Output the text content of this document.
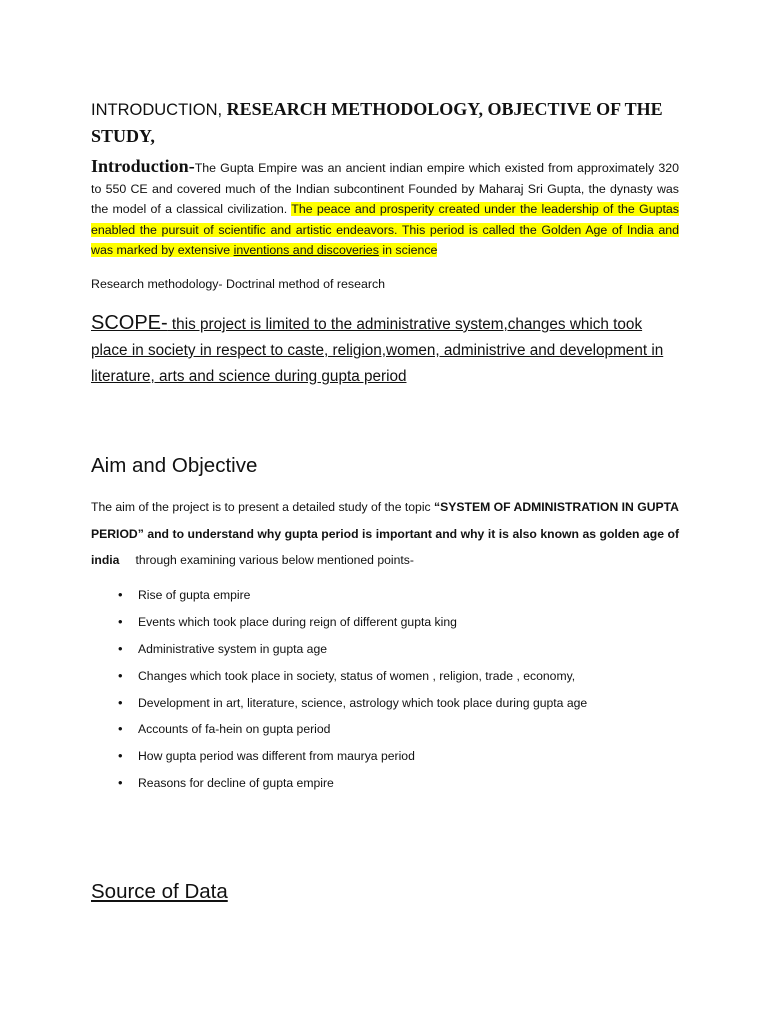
INTRODUCTION, RESEARCH METHODOLOGY, OBJECTIVE OF THE STUDY,
Introduction-The Gupta Empire was an ancient indian empire which existed from approximately 320 to 550 CE and covered much of the Indian subcontinent Founded by Maharaj Sri Gupta, the dynasty was the model of a classical civilization. The peace and prosperity created under the leadership of the Guptas enabled the pursuit of scientific and artistic endeavors. This period is called the Golden Age of India and was marked by extensive inventions and discoveries in science
Research methodology- Doctrinal method of research
SCOPE- this project is limited to the administrative system,changes which took place in society in respect to caste, religion,women, administrive and development in literature, arts and science during gupta period
Aim and Objective
The aim of the project is to present a detailed study of the topic “SYSTEM OF ADMINISTRATION IN GUPTA PERIOD” and to understand why gupta period is important and why it is also known as golden age of india through examining various below mentioned points-
• Rise of gupta empire
• Events which took place during reign of different gupta king
• Administrative system in gupta age
• Changes which took place in society, status of women , religion, trade , economy,
• Development in art, literature, science, astrology which took place during gupta age
• Accounts of fa-hein on gupta period
• How gupta period was different from maurya period
• Reasons for decline of gupta empire
Source of Data
